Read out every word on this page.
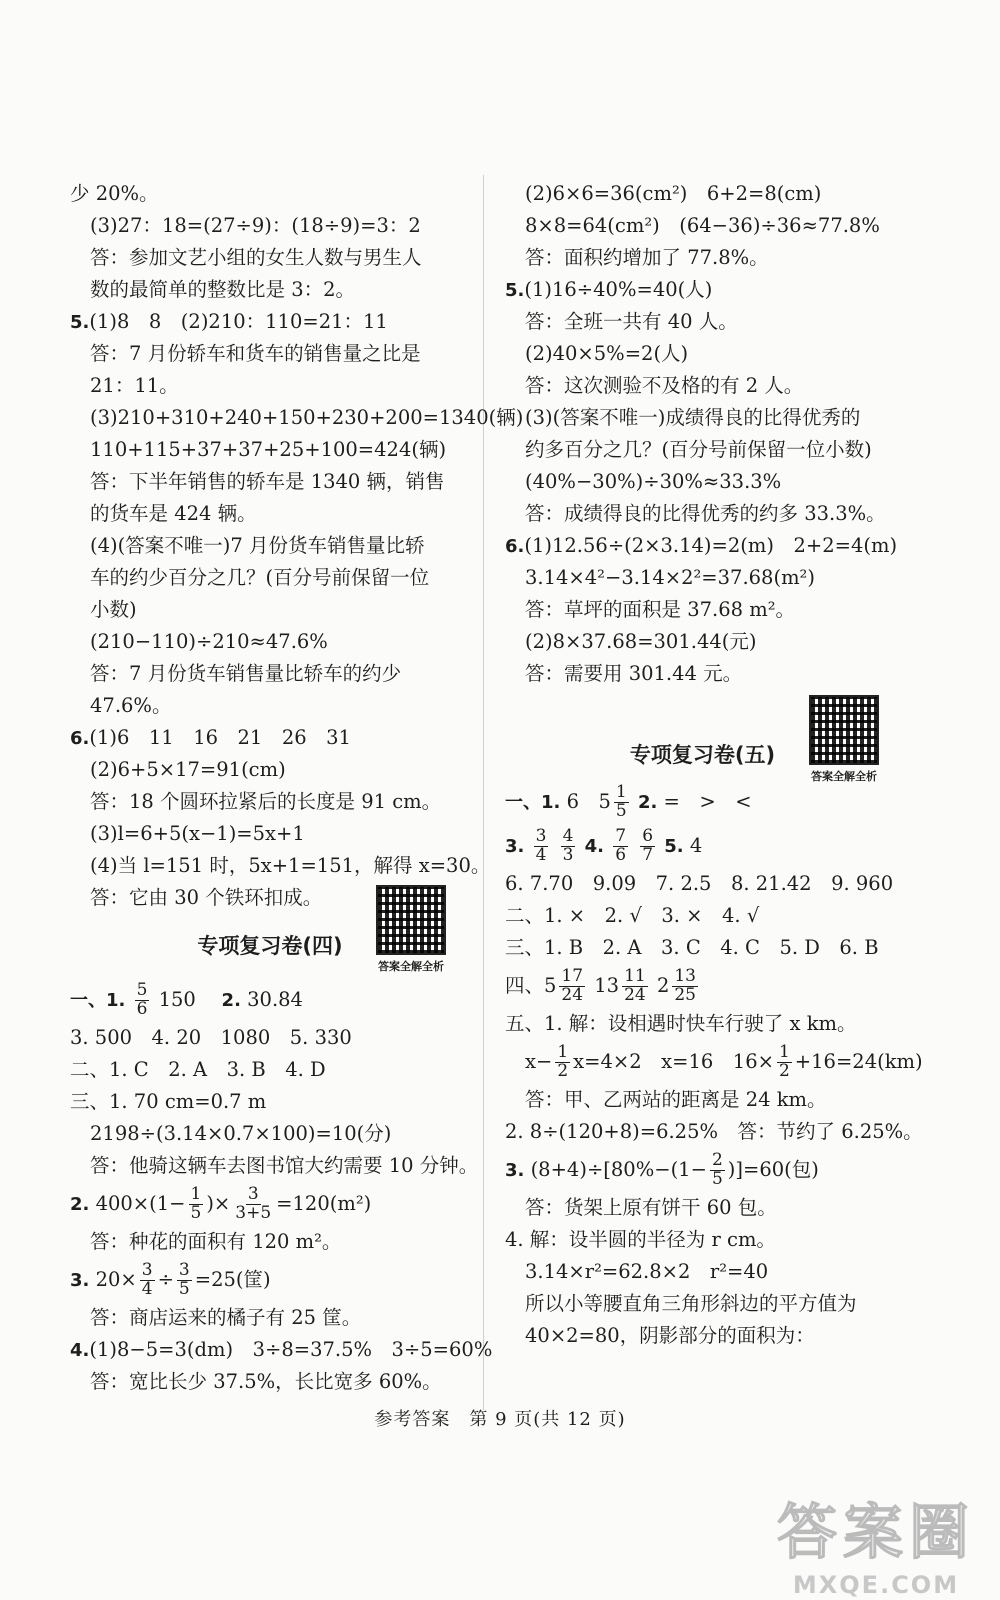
少 20%。
(3)27：18=(27÷9)：(18÷9)=3：2
答：参加文艺小组的女生人数与男生人
数的最简单的整数比是 3：2。
5.(1)8　8　(2)210：110=21：11
答：7 月份轿车和货车的销售量之比是
21：11。
(3)210+310+240+150+230+200=1340(辆)
110+115+37+37+25+100=424(辆)
答：下半年销售的轿车是 1340 辆，销售
的货车是 424 辆。
(4)(答案不唯一)7 月份货车销售量比轿
车的约少百分之几？(百分号前保留一位
小数)
(210−110)÷210≈47.6%
答：7 月份货车销售量比轿车的约少
47.6%。
6.(1)6　11　16　21　26　31
(2)6+5×17=91(cm)
答：18 个圆环拉紧后的长度是 91 cm。
(3)l=6+5(x−1)=5x+1
(4)当 l=151 时，5x+1=151，解得 x=30。
答：它由 30 个铁环扣成。
专项复习卷(四)
一、1. $\frac{5}{6} 150$　 2. 30.84
3. 500　4. 20　1080　5. 330
二、1. C　2. A　3. B　4. D
三、1. 70 cm=0.7 m
2198÷(3.14×0.7×100)=10(分)
答：他骑这辆车去图书馆大约需要 10 分钟。
2. $400\times(1- \frac{1}{5}$ )× $\frac{3}{3+5} =120(m^2)$
答：种花的面积有 120 m²。
3. $20\times \frac{3}{4} \div \frac{3}{5} =25$(筐)
答：商店运来的橘子有 25 筐。
4.(1)8−5=3(dm)　3÷8=37.5%　3÷5=60%
答：宽比长少 37.5%，长比宽多 60%。
答案全解全析
(2)6×6=36(cm²)　6+2=8(cm)
8×8=64(cm²)　(64−36)÷36≈77.8%
答：面积约增加了 77.8%。
5.(1)16÷40%=40(人)
答：全班一共有 40 人。
(2)40×5%=2(人)
答：这次测验不及格的有 2 人。
(3)(答案不唯一)成绩得良的比得优秀的
约多百分之几？(百分号前保留一位小数)
(40%−30%)÷30%≈33.3%
答：成绩得良的比得优秀的约多 33.3%。
6.(1)12.56÷(2×3.14)=2(m)　2+2=4(m)
3.14×4²−3.14×2²=37.68(m²)
答：草坪的面积是 37.68 m²。
(2)8×37.68=301.44(元)
答：需要用 301.44 元。
专项复习卷(五)
一、1. 6　$5 \frac{1}{5} 2$. =　>　<
3. $\frac{3}{4}$
$\frac{4}{3} 4$. $\frac{7}{6}$
$\frac{6}{7} 5$. 4
6. 7.70　9.09　7. 2.5　8. 21.42　9. 960
二、1. ×　2. √　3. ×　4. √
三、1. B　2. A　3. C　4. C　5. D　6. B
四、$5 \frac{17}{24} 13 \frac{11}{24} 2 \frac{13}{25}$
五、1. 解：设相遇时快车行驶了 x km。
$x- \frac{1}{2} x=4\times 2$　x=16　$16\times \frac{1}{2} +16=24(km)$
答：甲、乙两站的距离是 24 km。
2. 8÷(120+8)=6.25%　答：节约了 6.25%。
3. $(8+4)\div[80\%-(1- \frac{2}{5} )]=60$(包)
答：货架上原有饼干 60 包。
4. 解：设半圆的半径为 r cm。
3.14×r²=62.8×2　r²=40
所以小等腰直角三角形斜边的平方值为
40×2=80，阴影部分的面积为：
答案全解全析
参考答案　第 9 页(共 12 页)
答案圈
MXQE.COM
